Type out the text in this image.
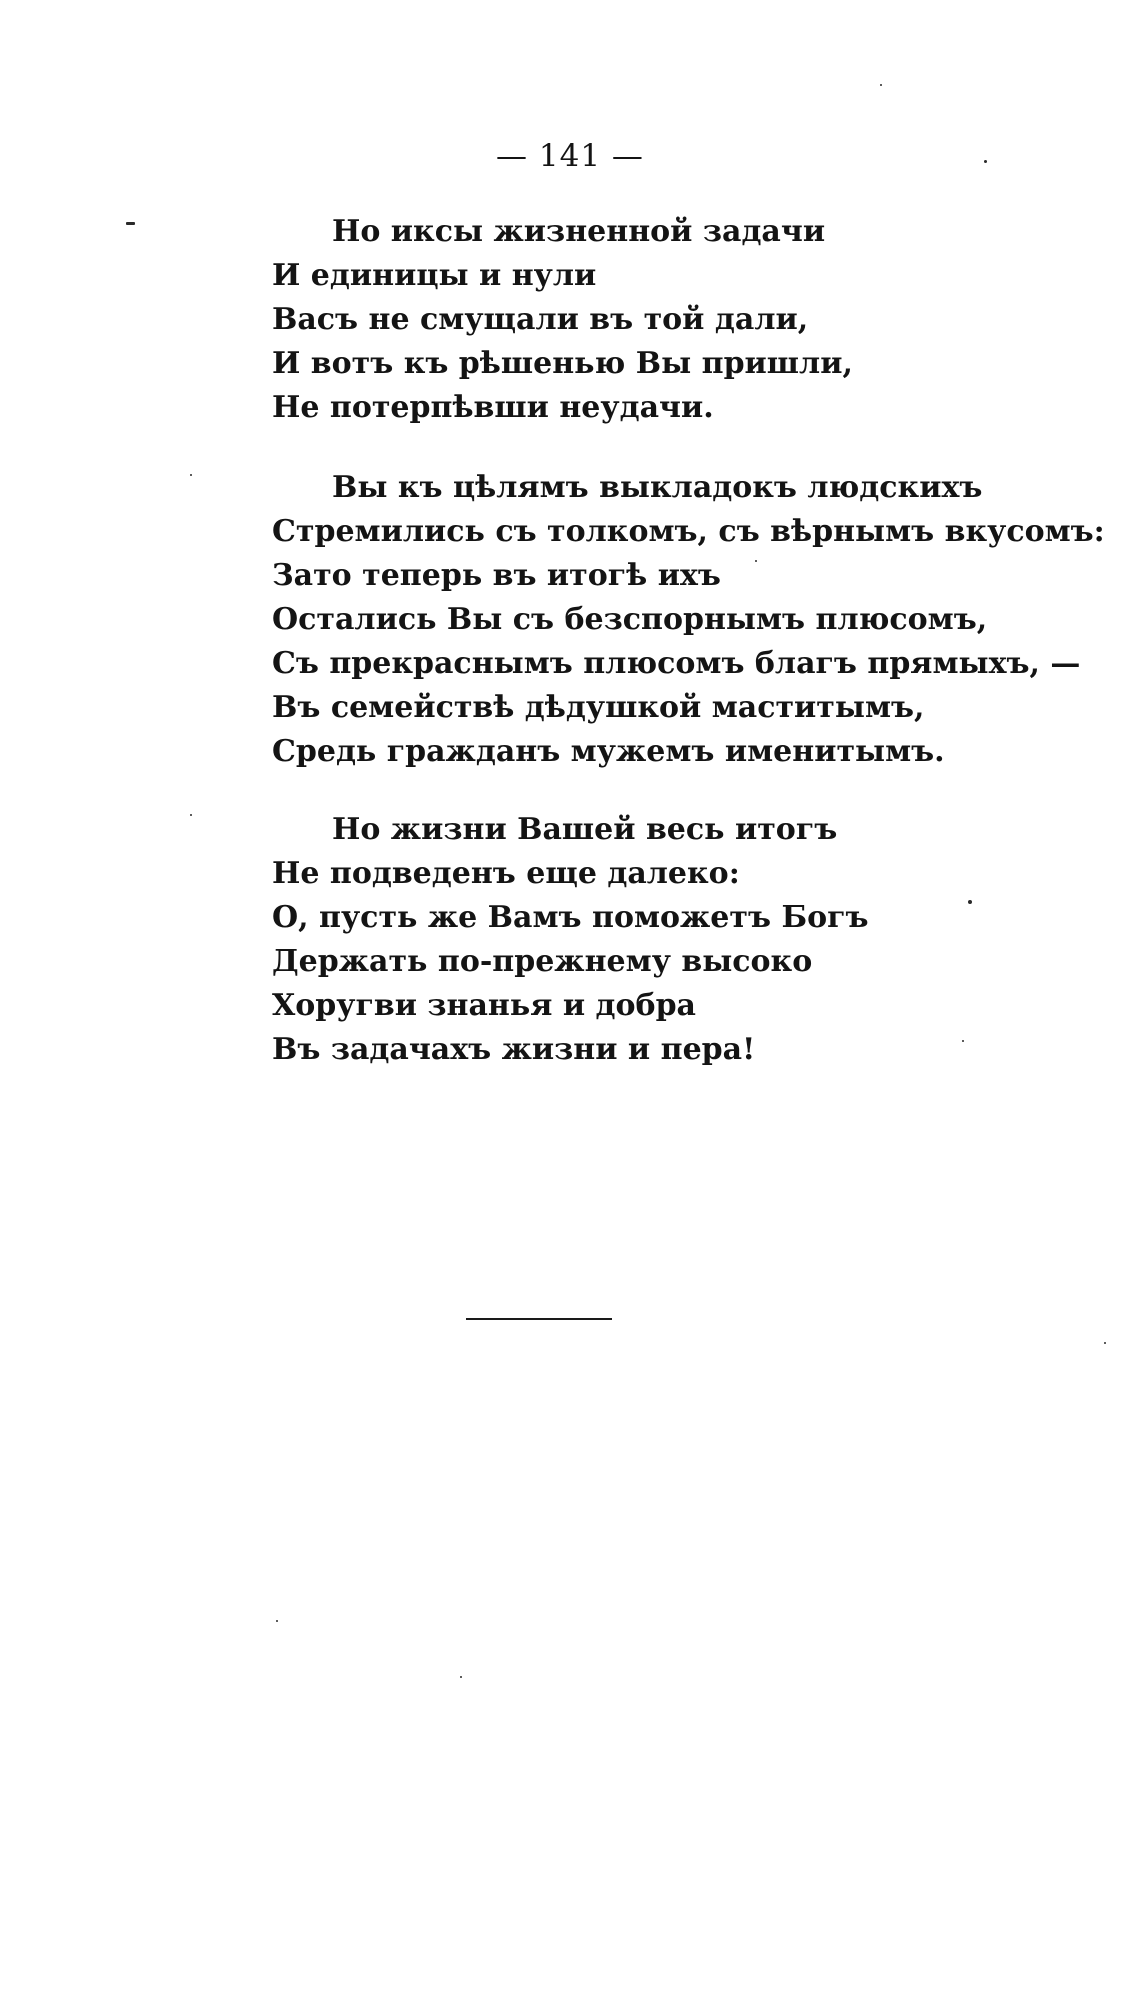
— 141 —
Но иксы жизненной задачи
И единицы и нули
Васъ не смущали въ той дали,
И вотъ къ рѣшенью Вы пришли,
Не потерпѣвши неудачи.
Вы къ цѣлямъ выкладокъ людскихъ
Стремились съ толкомъ, съ вѣрнымъ вкусомъ:
Зато теперь въ итогѣ ихъ
Остались Вы съ безспорнымъ плюсомъ,
Съ прекраснымъ плюсомъ благъ прямыхъ, —
Въ семействѣ дѣдушкой маститымъ,
Средь гражданъ мужемъ именитымъ.
Но жизни Вашей весь итогъ
Не подведенъ еще далеко:
О, пусть же Вамъ поможетъ Богъ
Держать по-прежнему высоко
Хоругви знанья и добра
Въ задачахъ жизни и пера!
